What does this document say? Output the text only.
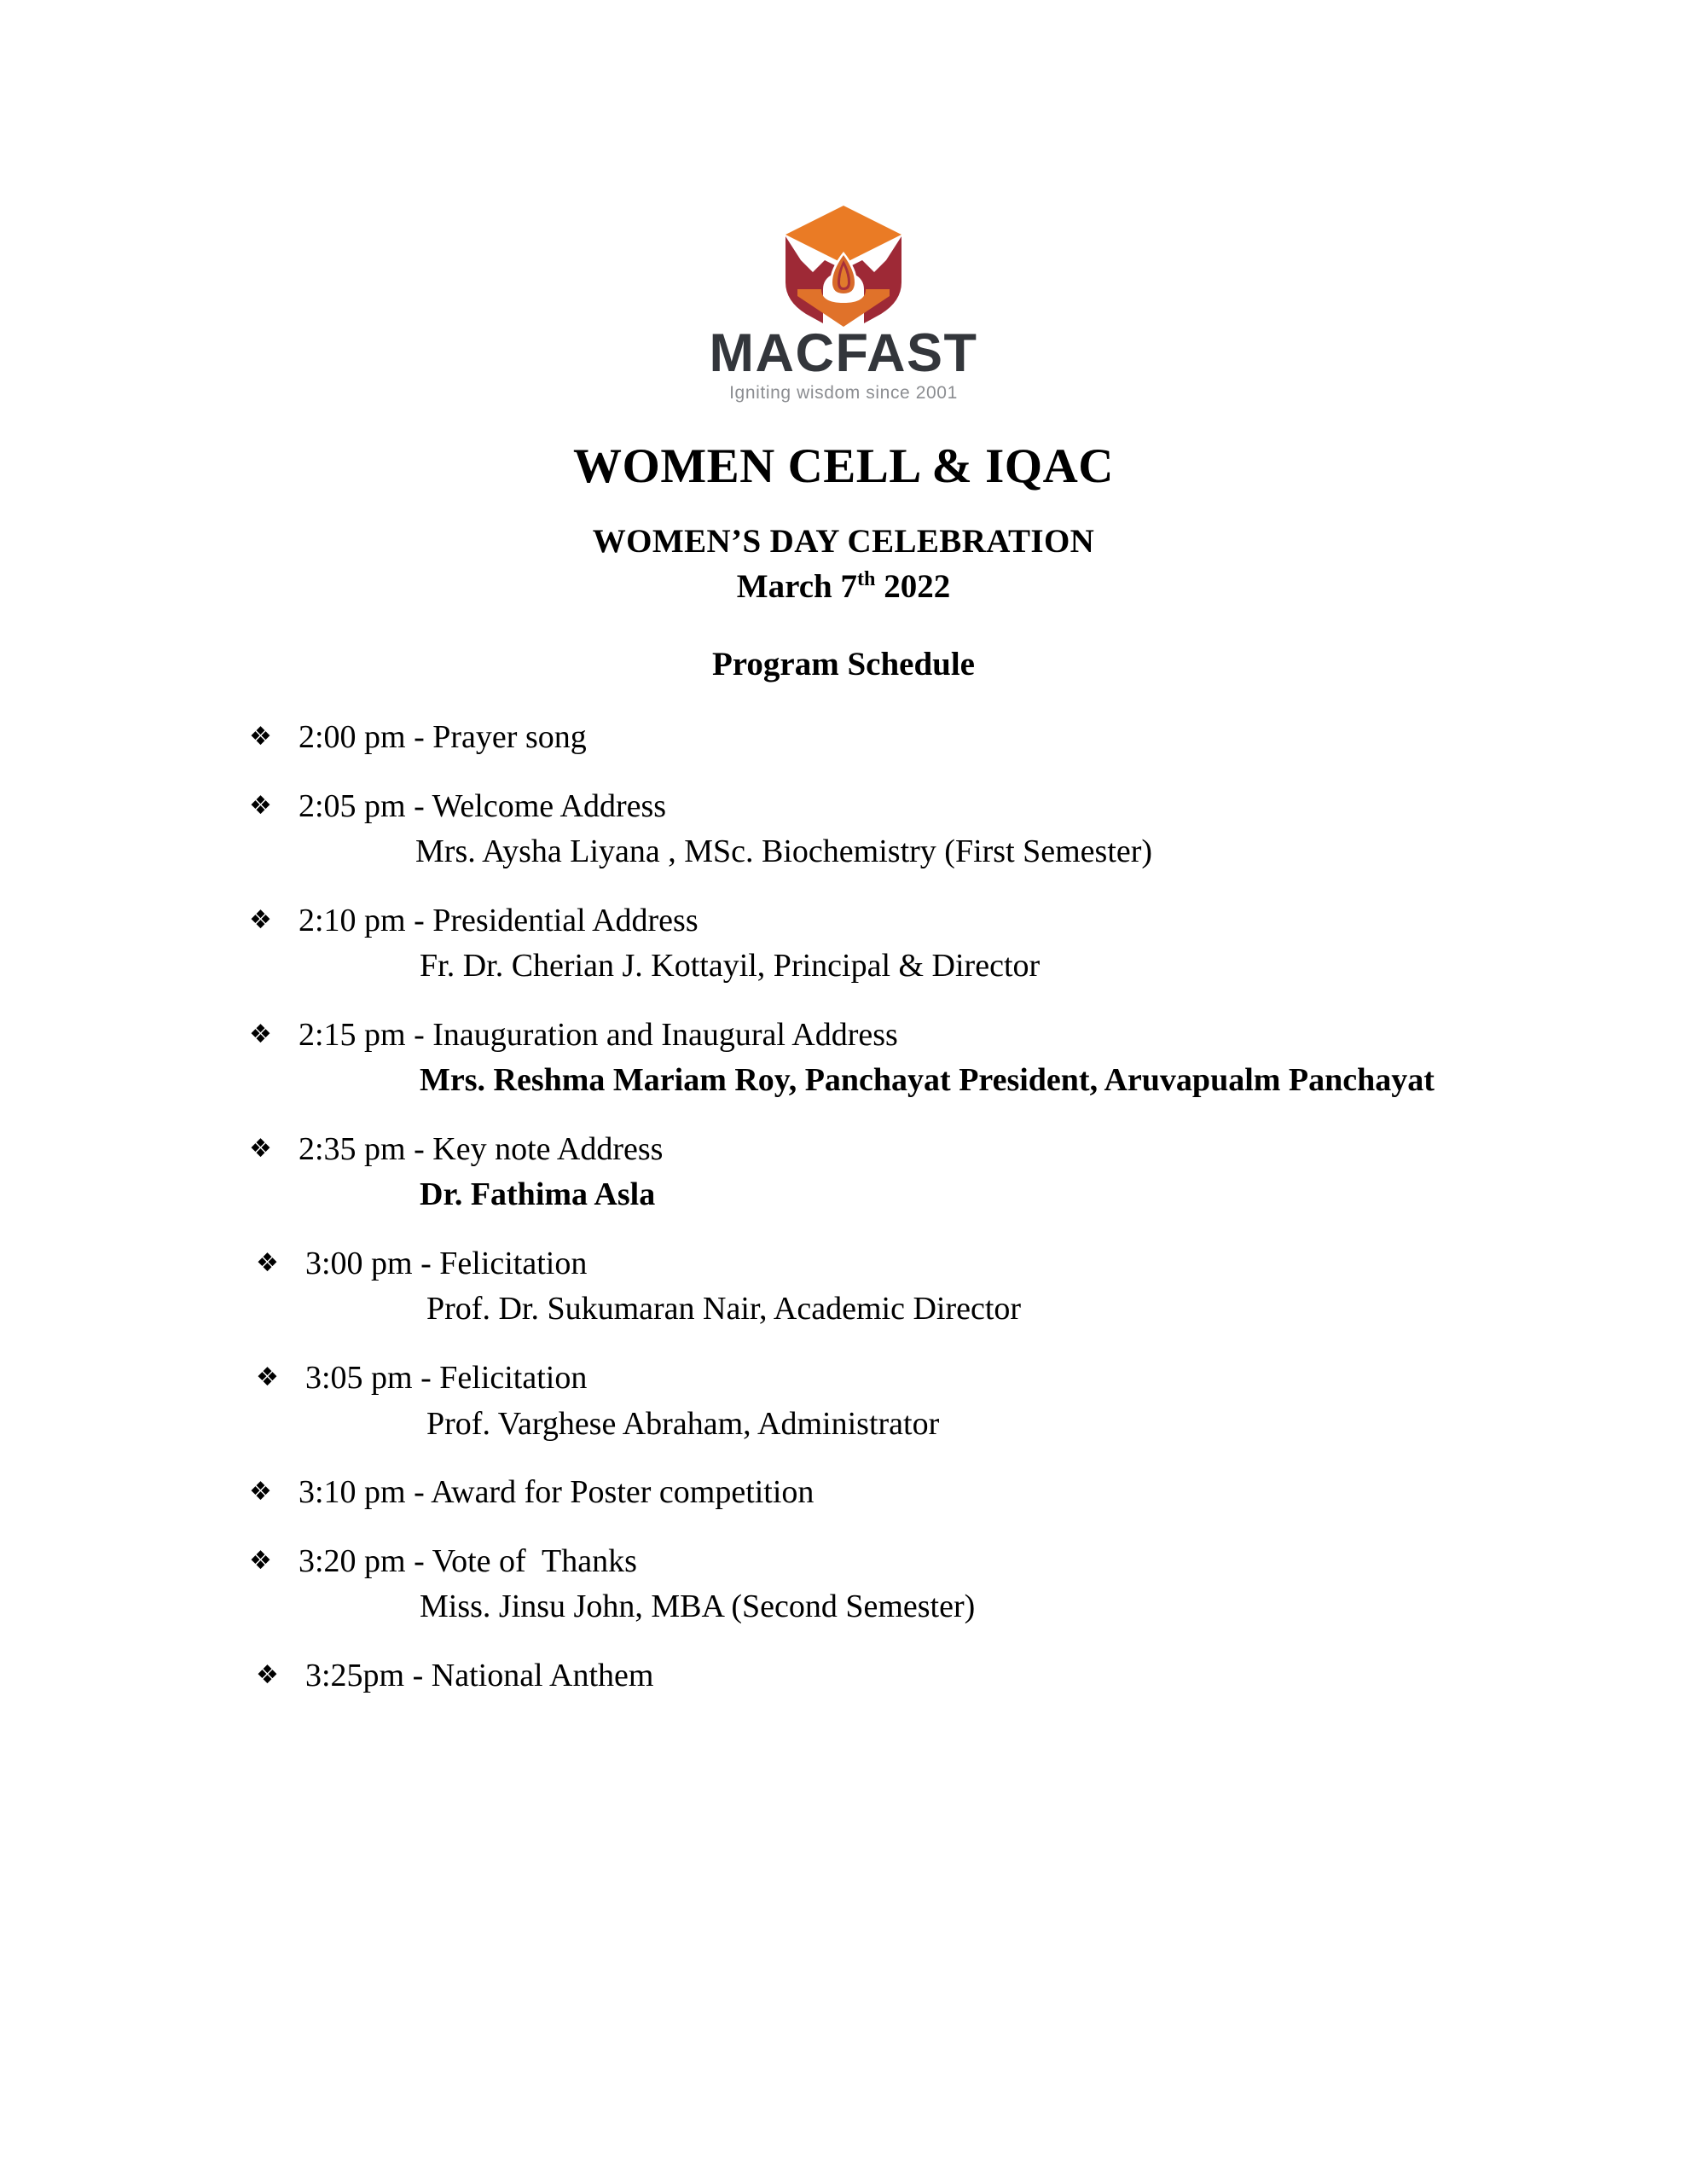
MACFAST
Igniting wisdom since 2001
WOMEN CELL & IQAC
WOMEN’S DAY CELEBRATION
March 7th 2022
Program Schedule
❖ 2:00 pm - Prayer song
❖ 2:05 pm - Welcome Address
Mrs. Aysha Liyana , MSc. Biochemistry (First Semester)
❖ 2:10 pm - Presidential Address
Fr. Dr. Cherian J. Kottayil, Principal & Director
❖ 2:15 pm - Inauguration and Inaugural Address
Mrs. Reshma Mariam Roy, Panchayat President, Aruvapualm Panchayat
❖ 2:35 pm - Key note Address
Dr. Fathima Asla
❖ 3:00 pm - Felicitation
Prof. Dr. Sukumaran Nair, Academic Director
❖ 3:05 pm - Felicitation
Prof. Varghese Abraham, Administrator
❖ 3:10 pm - Award for Poster competition
❖ 3:20 pm - Vote of  Thanks
Miss. Jinsu John, MBA (Second Semester)
❖ 3:25pm - National Anthem
